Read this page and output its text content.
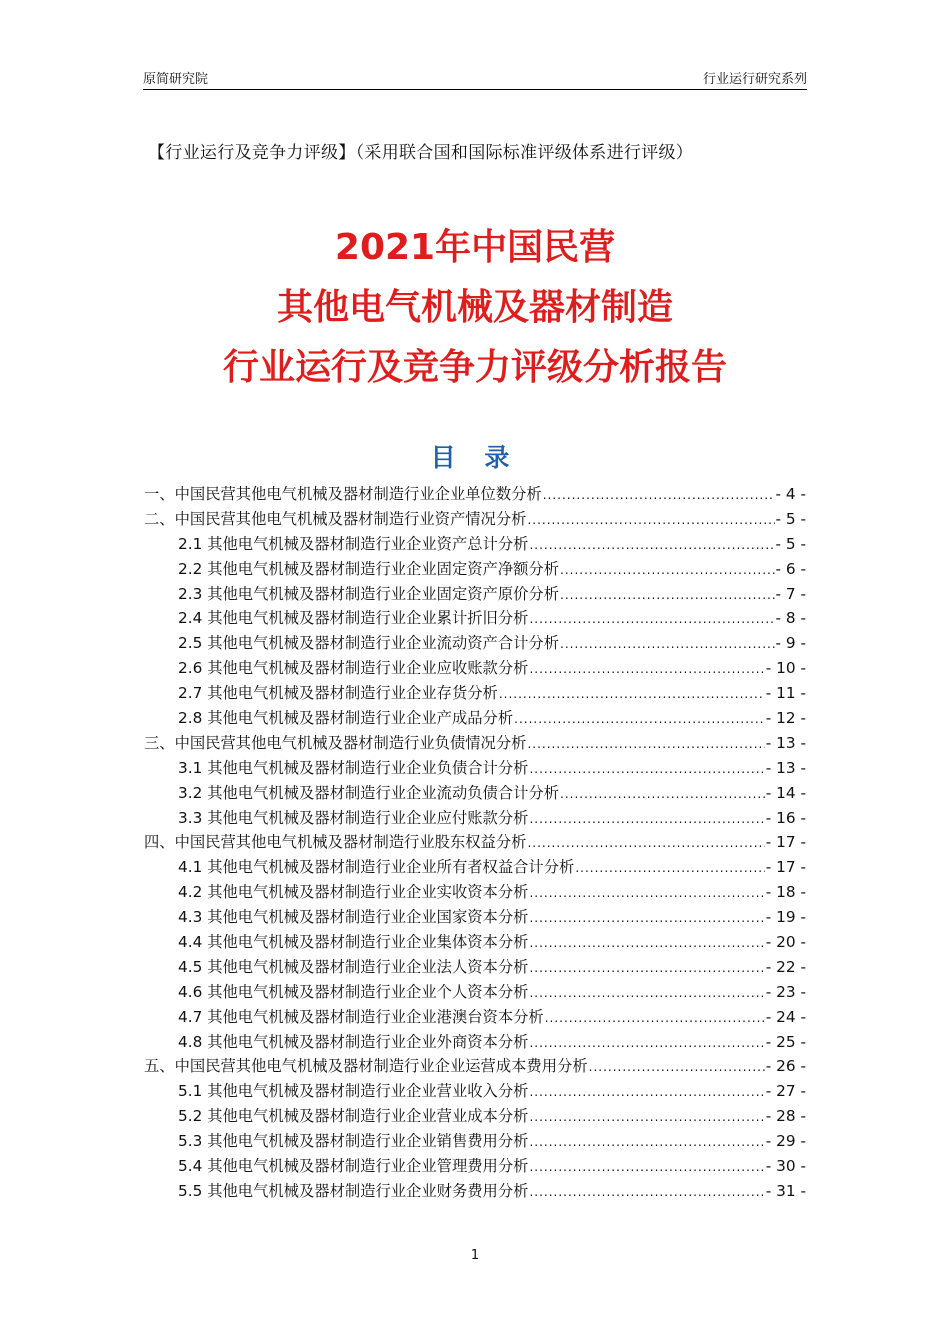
原简研究院	行业运行研究系列
【行业运行及竞争力评级】（采用联合国和国际标准评级体系进行评级）
2021年中国民营
其他电气机械及器材制造
行业运行及竞争力评级分析报告
目 录
一、中国民营其他电气机械及器材制造行业企业单位数分析 .....	- 4 -
二、中国民营其他电气机械及器材制造行业资产情况分析 .....	- 5 -
2.1 其他电气机械及器材制造行业企业资产总计分析 .....	- 5 -
2.2 其他电气机械及器材制造行业企业固定资产净额分析 .....	- 6 -
2.3 其他电气机械及器材制造行业企业固定资产原价分析 .....	- 7 -
2.4 其他电气机械及器材制造行业企业累计折旧分析 .....	- 8 -
2.5 其他电气机械及器材制造行业企业流动资产合计分析 .....	- 9 -
2.6 其他电气机械及器材制造行业企业应收账款分析 .....	- 10 -
2.7 其他电气机械及器材制造行业企业存货分析 .....	- 11 -
2.8 其他电气机械及器材制造行业企业产成品分析 .....	- 12 -
三、中国民营其他电气机械及器材制造行业负债情况分析 .....	- 13 -
3.1 其他电气机械及器材制造行业企业负债合计分析 .....	- 13 -
3.2 其他电气机械及器材制造行业企业流动负债合计分析 .....	- 14 -
3.3 其他电气机械及器材制造行业企业应付账款分析 .....	- 16 -
四、中国民营其他电气机械及器材制造行业股东权益分析 .....	- 17 -
4.1 其他电气机械及器材制造行业企业所有者权益合计分析 .....	- 17 -
4.2 其他电气机械及器材制造行业企业实收资本分析 .....	- 18 -
4.3 其他电气机械及器材制造行业企业国家资本分析 .....	- 19 -
4.4 其他电气机械及器材制造行业企业集体资本分析 .....	- 20 -
4.5 其他电气机械及器材制造行业企业法人资本分析 .....	- 22 -
4.6 其他电气机械及器材制造行业企业个人资本分析 .....	- 23 -
4.7 其他电气机械及器材制造行业企业港澳台资本分析 .....	- 24 -
4.8 其他电气机械及器材制造行业企业外商资本分析 .....	- 25 -
五、中国民营其他电气机械及器材制造行业企业运营成本费用分析 .....	- 26 -
5.1 其他电气机械及器材制造行业企业营业收入分析 .....	- 27 -
5.2 其他电气机械及器材制造行业企业营业成本分析 .....	- 28 -
5.3 其他电气机械及器材制造行业企业销售费用分析 .....	- 29 -
5.4 其他电气机械及器材制造行业企业管理费用分析 .....	- 30 -
5.5 其他电气机械及器材制造行业企业财务费用分析 .....	- 31 -
1
